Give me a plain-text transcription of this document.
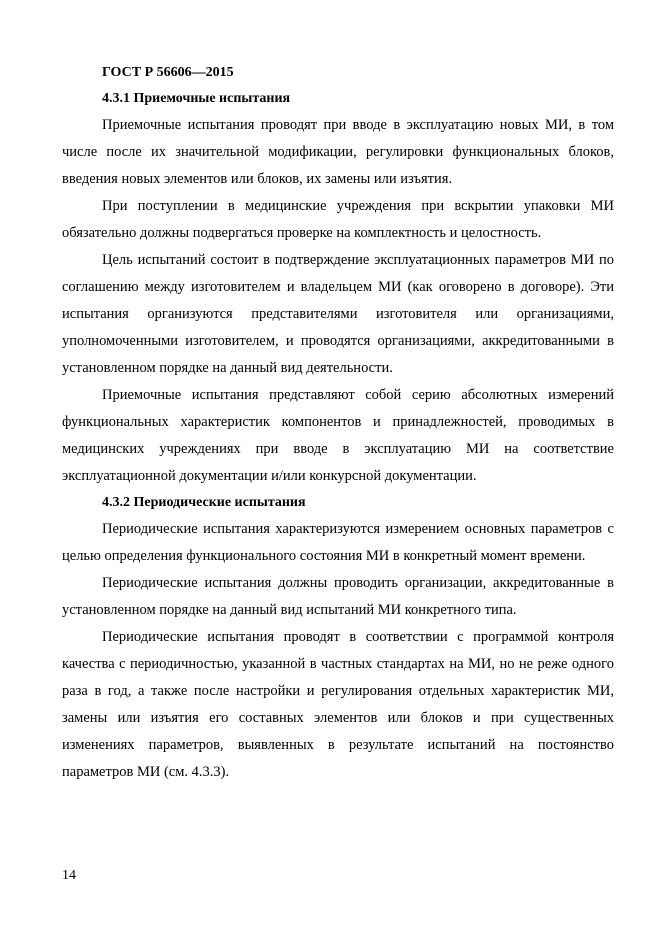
ГОСТ Р 56606—2015
4.3.1 Приемочные испытания

Приемочные испытания проводят при вводе в эксплуатацию новых МИ, в том числе после их значительной модификации, регулировки функциональных блоков, введения новых элементов или блоков, их замены или изъятия.

При поступлении в медицинские учреждения при вскрытии упаковки МИ обязательно должны подвергаться проверке на комплектность и целостность.

Цель испытаний состоит в подтверждение эксплуатационных параметров МИ по соглашению между изготовителем и владельцем МИ (как оговорено в договоре). Эти испытания организуются представителями изготовителя или организациями, уполномоченными изготовителем, и проводятся организациями, аккредитованными в установленном порядке на данный вид деятельности.

Приемочные испытания представляют собой серию абсолютных измерений функциональных характеристик компонентов и принадлежностей, проводимых в медицинских учреждениях при вводе в эксплуатацию МИ на соответствие эксплуатационной документации и/или конкурсной документации.

4.3.2 Периодические испытания

Периодические испытания характеризуются измерением основных параметров с целью определения функционального состояния МИ в конкретный момент времени.

Периодические испытания должны проводить организации, аккредитованные в установленном порядке на данный вид испытаний МИ конкретного типа.

Периодические испытания проводят в соответствии с программой контроля качества с периодичностью, указанной в частных стандартах на МИ, но не реже одного раза в год, а также после настройки и регулирования отдельных характеристик МИ, замены или изъятия его составных элементов или блоков и при существенных изменениях параметров, выявленных в результате испытаний на постоянство параметров МИ (см. 4.3.3).

14
